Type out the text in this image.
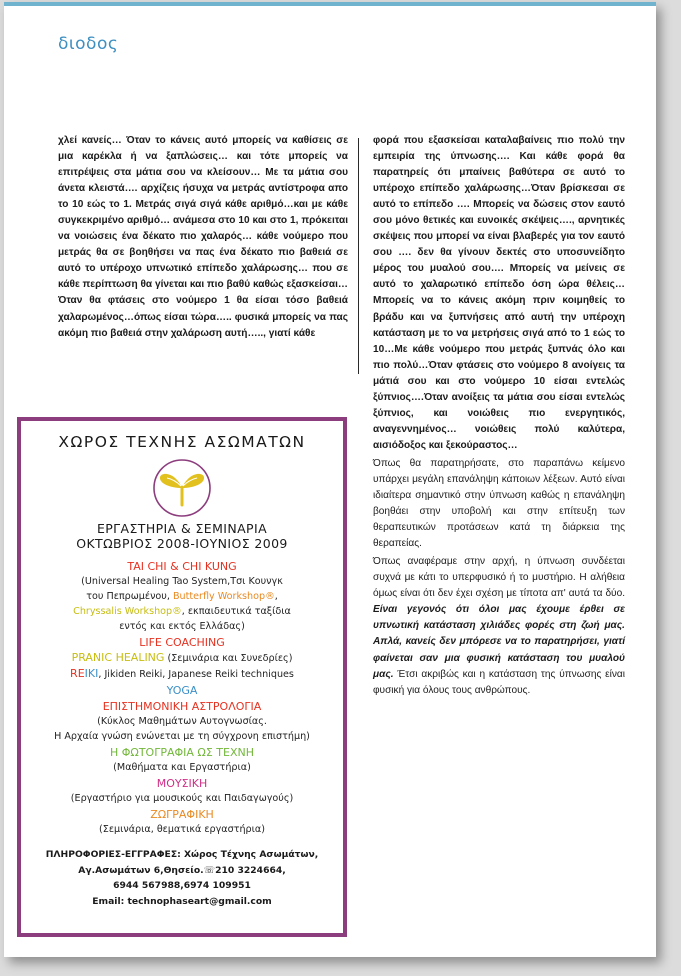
διοδος

χλεί κανείς… Όταν το κάνεις αυτό μπορείς να καθίσεις σε μια καρέκλα ή να ξαπλώσεις… και τότε μπορείς να επιτρέψεις στα μάτια σου να κλείσουν… Με τα μάτια σου άνετα κλειστά…. αρχίζεις ήσυχα να μετράς αντίστροφα απο το 10 εώς το 1. Μετράς σιγά σιγά κάθε αριθμό…και με κάθε συγκεκριμένο αριθμό… ανάμεσα στο 10 και στο 1, πρόκειται να νοιώσεις ένα δέκατο πιο χαλαρός… κάθε νούμερο που μετράς θα σε βοηθήσει να πας ένα δέκατο πιο βαθειά σε αυτό το υπέροχο υπνωτικό επίπεδο χαλάρωσης… που σε κάθε περίπτωση θα γίνεται και πιο βαθύ καθώς εξασκείσαι… Όταν θα φτάσεις στο νούμερο 1 θα είσαι τόσο βαθειά χαλαρωμένος…όπως είσαι τώρα….. φυσικά μπορείς να πας ακόμη πιο βαθειά στην χαλάρωση αυτή….., γιατί κάθε

φορά που εξασκείσαι καταλαβαίνεις πιο πολύ την εμπειρία της ύπνωσης…. Και κάθε φορά θα παρατηρείς ότι μπαίνεις βαθύτερα σε αυτό το υπέροχο επίπεδο χαλάρωσης…Όταν βρίσκεσαι σε αυτό το επίπεδο …. Μπορείς να δώσεις στον εαυτό σου μόνο θετικές και ευνοικές σκέψεις…., αρνητικές σκέψεις που μπορεί να είναι βλαβερές για τον εαυτό σου …. δεν θα γίνουν δεκτές στο υποσυνείδητο μέρος του μυαλού σου…. Μπορείς να μείνεις σε αυτό το χαλαρωτικό επίπεδο όση ώρα θέλεις… Μπορείς να το κάνεις ακόμη πριν κοιμηθείς το βράδυ και να ξυπνήσεις από αυτή την υπέροχη κατάσταση με το να μετρήσεις σιγά από το 1 εώς το 10…Με κάθε νούμερο που μετράς ξυπνάς όλο και πιο πολύ…Όταν φτάσεις στο νούμερο 8 ανοίγεις τα μάτιά σου και στο νούμερο 10 είσαι εντελώς ξύπνιος….Όταν ανοίξεις τα μάτια σου είσαι εντελώς ξύπνιος, και νοιώθεις πιο ενεργητικός, αναγεννημένος… νοιώθεις πολύ καλύτερα, αισιόδοξος και ξεκούραστος…

Όπως θα παρατηρήσατε, στο παραπάνω κείμενο υπάρχει μεγάλη επανάληψη κάποιων λέξεων. Αυτό είναι ιδιαίτερα σημαντικό στην ύπνωση καθώς η επανάληψη βοηθάει στην υποβολή και στην επίτευξη των θεραπευτικών προτάσεων κατά τη διάρκεια της θεραπείας.

Όπως αναφέραμε στην αρχή, η ύπνωση συνδέεται συχνά με κάτι το υπερφυσικό ή το μυστήριο. Η αλήθεια όμως είναι ότι δεν έχει σχέση με τίποτα απ' αυτά τα δύο. Είναι γεγονός ότι όλοι μας έχουμε έρθει σε υπνωτική κατάσταση χιλιάδες φορές στη ζωή μας. Απλά, κανείς δεν μπόρεσε να το παρατηρήσει, γιατί φαίνεται σαν μια φυσική κατάσταση του μυαλού μας. Έτσι ακριβώς και η κατάσταση της ύπνωσης είναι φυσική για όλους τους ανθρώπους.

ΧΩΡΟΣ ΤΕΧΝΗΣ ΑΣΩΜΑΤΩΝ
ΕΡΓΑΣΤΗΡΙΑ & ΣΕΜΙΝΑΡΙΑ
ΟΚΤΩΒΡΙΟΣ 2008-ΙΟΥΝΙΟΣ 2009
TAI CHI & CHI KUNG
(Universal Healing Tao System,Τσι Κουνγκ
του Πεπρωμένου, Butterfly Workshop®,
Chryssalis Workshop®, εκπαιδευτικά ταξίδια
εντός και εκτός Ελλάδας)
LIFE COACHING
PRANIC HEALING (Σεμινάρια και Συνεδρίες)
REIKI, Jikiden Reiki, Japanese Reiki techniques
YOGA
ΕΠΙΣΤΗΜΟΝΙΚΗ ΑΣΤΡΟΛΟΓΙΑ
(Κύκλος Μαθημάτων Αυτογνωσίας.
Η Αρχαία γνώση ενώνεται με τη σύγχρονη επιστήμη)
Η ΦΩΤΟΓΡΑΦΙΑ ΩΣ ΤΕΧΝΗ
(Μαθήματα και Εργαστήρια)
ΜΟΥΣΙΚΗ
(Εργαστήριο για μουσικούς και Παιδαγωγούς)
ΖΩΓΡΑΦΙΚΗ
(Σεμινάρια, θεματικά εργαστήρια)
ΠΛΗΡΟΦΟΡΙΕΣ-ΕΓΓΡΑΦΕΣ: Χώρος Τέχνης Ασωμάτων,
Αγ.Ασωμάτων 6,Θησείο.☏210 3224664,
6944 567988,6974 109951
Email: technophaseart@gmail.com
